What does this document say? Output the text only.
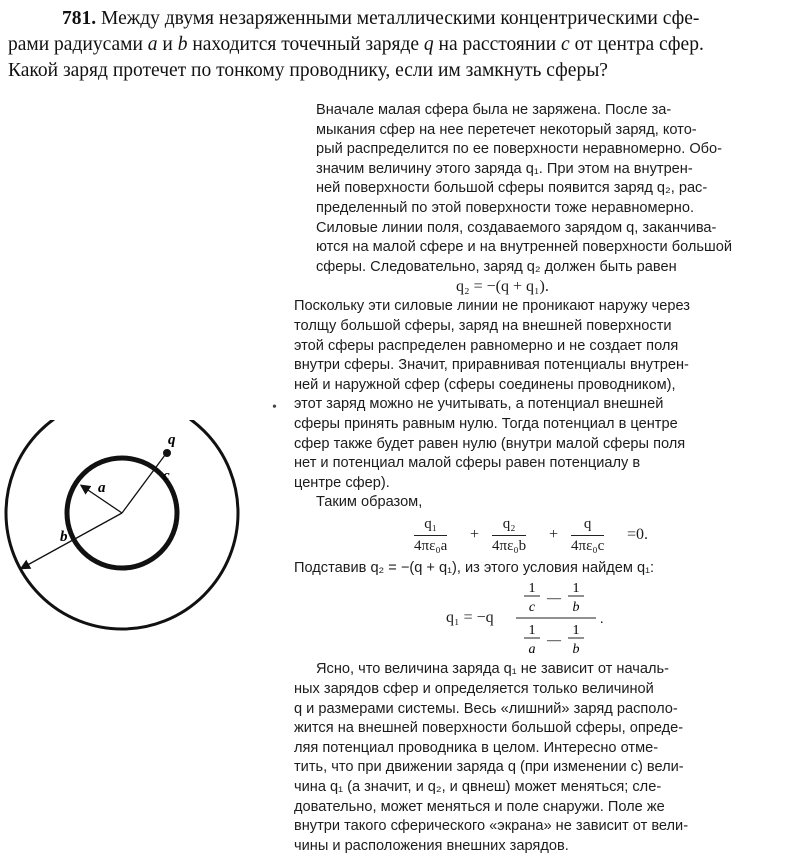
781. Между двумя незаряженными металлическими концентрическими сфе-
рами радиусами a и b находится точечный заряде q на расстоянии c от центра сфер.
Какой заряд протечет по тонкому проводнику, если им замкнуть сферы?

Вначале малая сфера была не заряжена. После за-

мыкания сфер на нее перетечет некоторый заряд, кото-

рый распределится по ее поверхности неравномерно. Обо-

значим величину этого заряда q₁. При этом на внутрен-

ней поверхности большой сферы появится заряд q₂, рас-

пределенный по этой поверхности тоже неравномерно.

Силовые линии поля, создаваемого зарядом q, заканчива-

ются на малой сфере и на внутренней поверхности большой

сферы. Следовательно, заряд q₂ должен быть равен

q₂ = −(q + q₁).

Поскольку эти силовые линии не проникают наружу через

толщу большой сферы, заряд на внешней поверхности

этой сферы распределен равномерно и не создает поля

внутри сферы. Значит, приравнивая потенциалы внутрен-

ней и наружной сфер (сферы соединены проводником),

этот заряд можно не учитывать, а потенциал внешней

сферы принять равным нулю. Тогда потенциал в центре

сфер также будет равен нулю (внутри малой сферы поля

нет и потенциал малой сферы равен потенциалу в

центре сфер).

Таким образом,

$\frac{\text{q₁}}{\text{4πε₀a}} + \frac{\text{q₂}}{\text{4πε₀b}} + \frac{q}{\text{4πε₀c}} =0$.

Подставив q₂ = −(q + q₁), из этого условия найдем q₁:

q₁ = −q
1
c
—
1
b
1
a
—
1
b
.

Ясно, что величина заряда q₁ не зависит от началь-

ных зарядов сфер и определяется только величиной

q и размерами системы. Весь «лишний» заряд располо-

жится на внешней поверхности большой сферы, опреде-

ляя потенциал проводника в целом. Интересно отме-

тить, что при движении заряда q (при изменении c) вели-

чина q₁ (а значит, и q₂, и qвнеш) может меняться; сле-

довательно, может меняться и поле снаружи. Поле же

внутри такого сферического «экрана» не зависит от вели-

чины и расположения внешних зарядов.

•
a
b
c
q
